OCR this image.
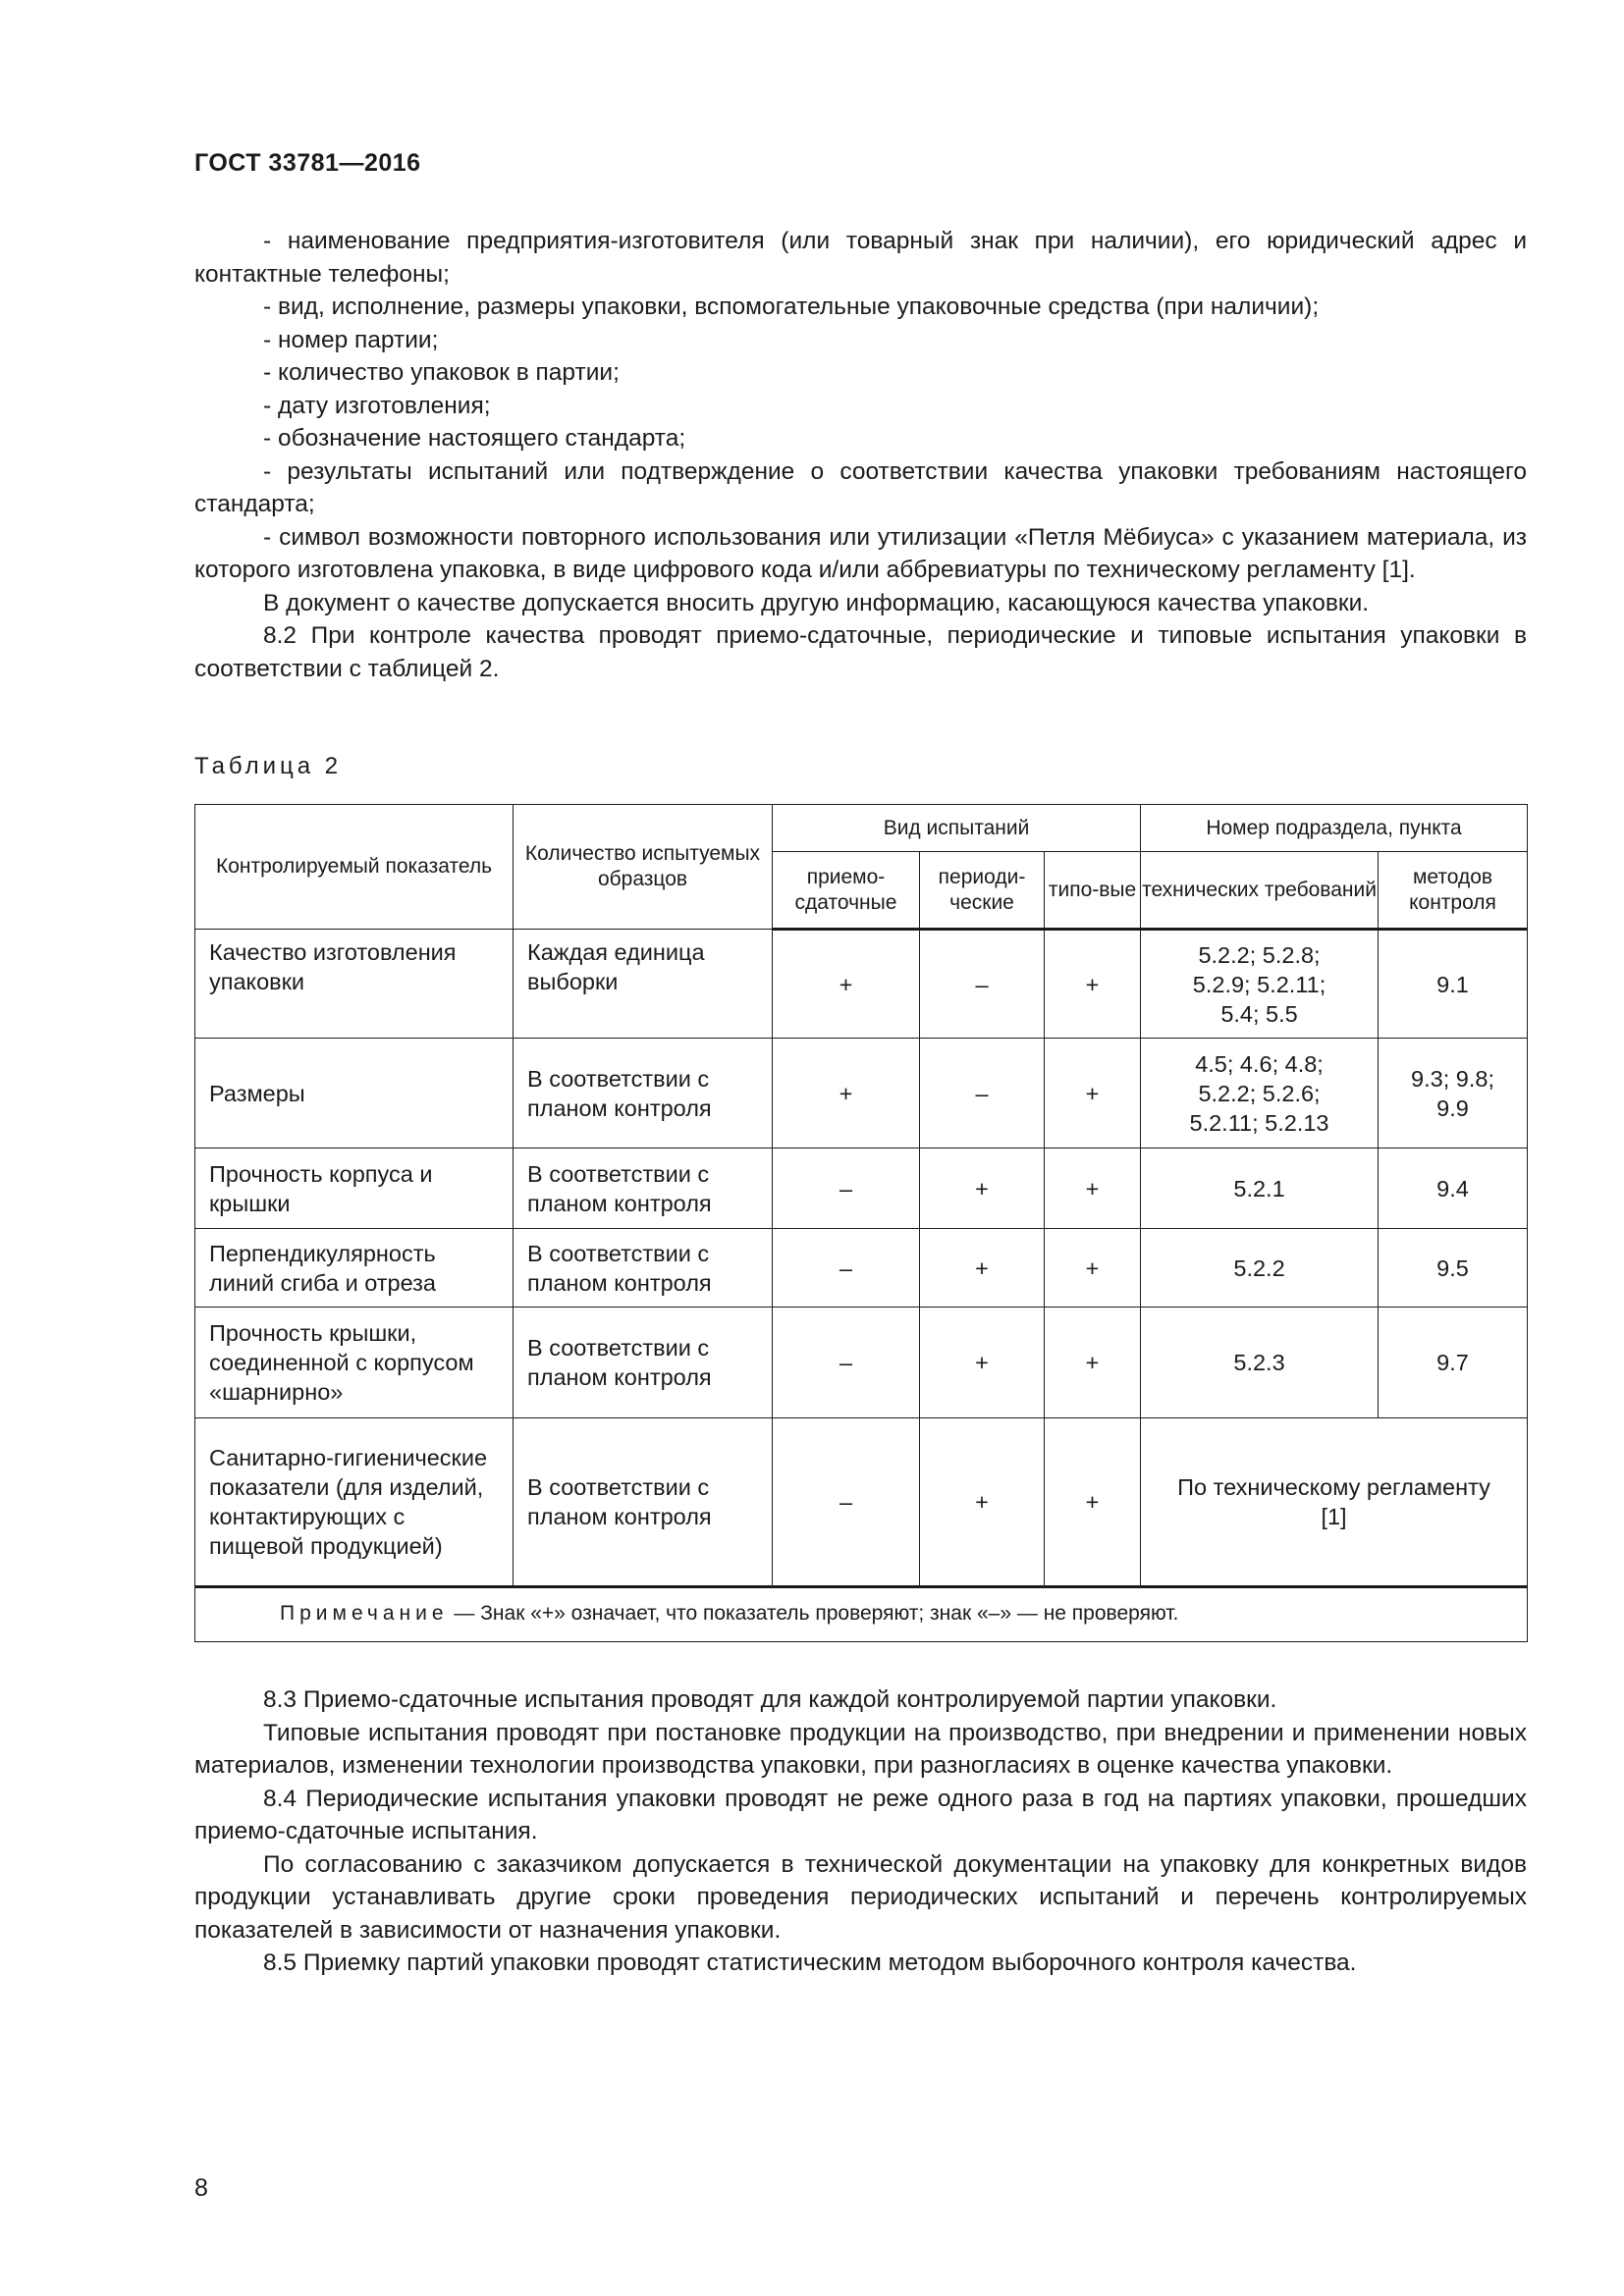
ГОСТ 33781—2016

- наименование предприятия-изготовителя (или товарный знак при наличии), его юридический адрес и контактные телефоны;

- вид, исполнение, размеры упаковки, вспомогательные упаковочные средства (при наличии);

- номер партии;

- количество упаковок в партии;

- дату изготовления;

- обозначение настоящего стандарта;

- результаты испытаний или подтверждение о соответствии качества упаковки требованиям настоящего стандарта;

- символ возможности повторного использования или утилизации «Петля Мёбиуса» с указанием материала, из которого изготовлена упаковка, в виде цифрового кода и/или аббревиатуры по техническому регламенту [1].

В документ о качестве допускается вносить другую информацию, касающуюся качества упаковки.

8.2 При контроле качества проводят приемо-сдаточные, периодические и типовые испытания упаковки в соответствии с таблицей 2.

Таблица 2
Контролируемый показатель	Количество испытуемых образцов	Вид испытаний			Номер подраздела, пункта	
		приемо-сдаточные	периоди-ческие	типо-вые	технических требований	методов контроля
Качество изготовления упаковки	Каждая единица выборки	+	–	+	5.2.2; 5.2.8; 5.2.9; 5.2.11; 5.4; 5.5	9.1
Размеры	В соответствии с планом контроля	+	–	+	4.5; 4.6; 4.8; 5.2.2; 5.2.6; 5.2.11; 5.2.13	9.3; 9.8; 9.9
Прочность корпуса и крышки	В соответствии с планом контроля	–	+	+	5.2.1	9.4
Перпендикулярность линий сгиба и отреза	В соответствии с планом контроля	–	+	+	5.2.2	9.5
Прочность крышки, соединенной с корпусом «шарнирно»	В соответствии с планом контроля	–	+	+	5.2.3	9.7
Санитарно-гигиенические показатели (для изделий, контактирующих с пищевой продукцией)	В соответствии с планом контроля	–	+	+	По техническому регламенту [1]	
Примечание — Знак «+» означает, что показатель проверяют; знак «–» — не проверяют.						

8.3 Приемо-сдаточные испытания проводят для каждой контролируемой партии упаковки.

Типовые испытания проводят при постановке продукции на производство, при внедрении и применении новых материалов, изменении технологии производства упаковки, при разногласиях в оценке качества упаковки.

8.4 Периодические испытания упаковки проводят не реже одного раза в год на партиях упаковки, прошедших приемо-сдаточные испытания.

По согласованию с заказчиком допускается в технической документации на упаковку для конкретных видов продукции устанавливать другие сроки проведения периодических испытаний и перечень контролируемых показателей в зависимости от назначения упаковки.

8.5 Приемку партий упаковки проводят статистическим методом выборочного контроля качества.

8
